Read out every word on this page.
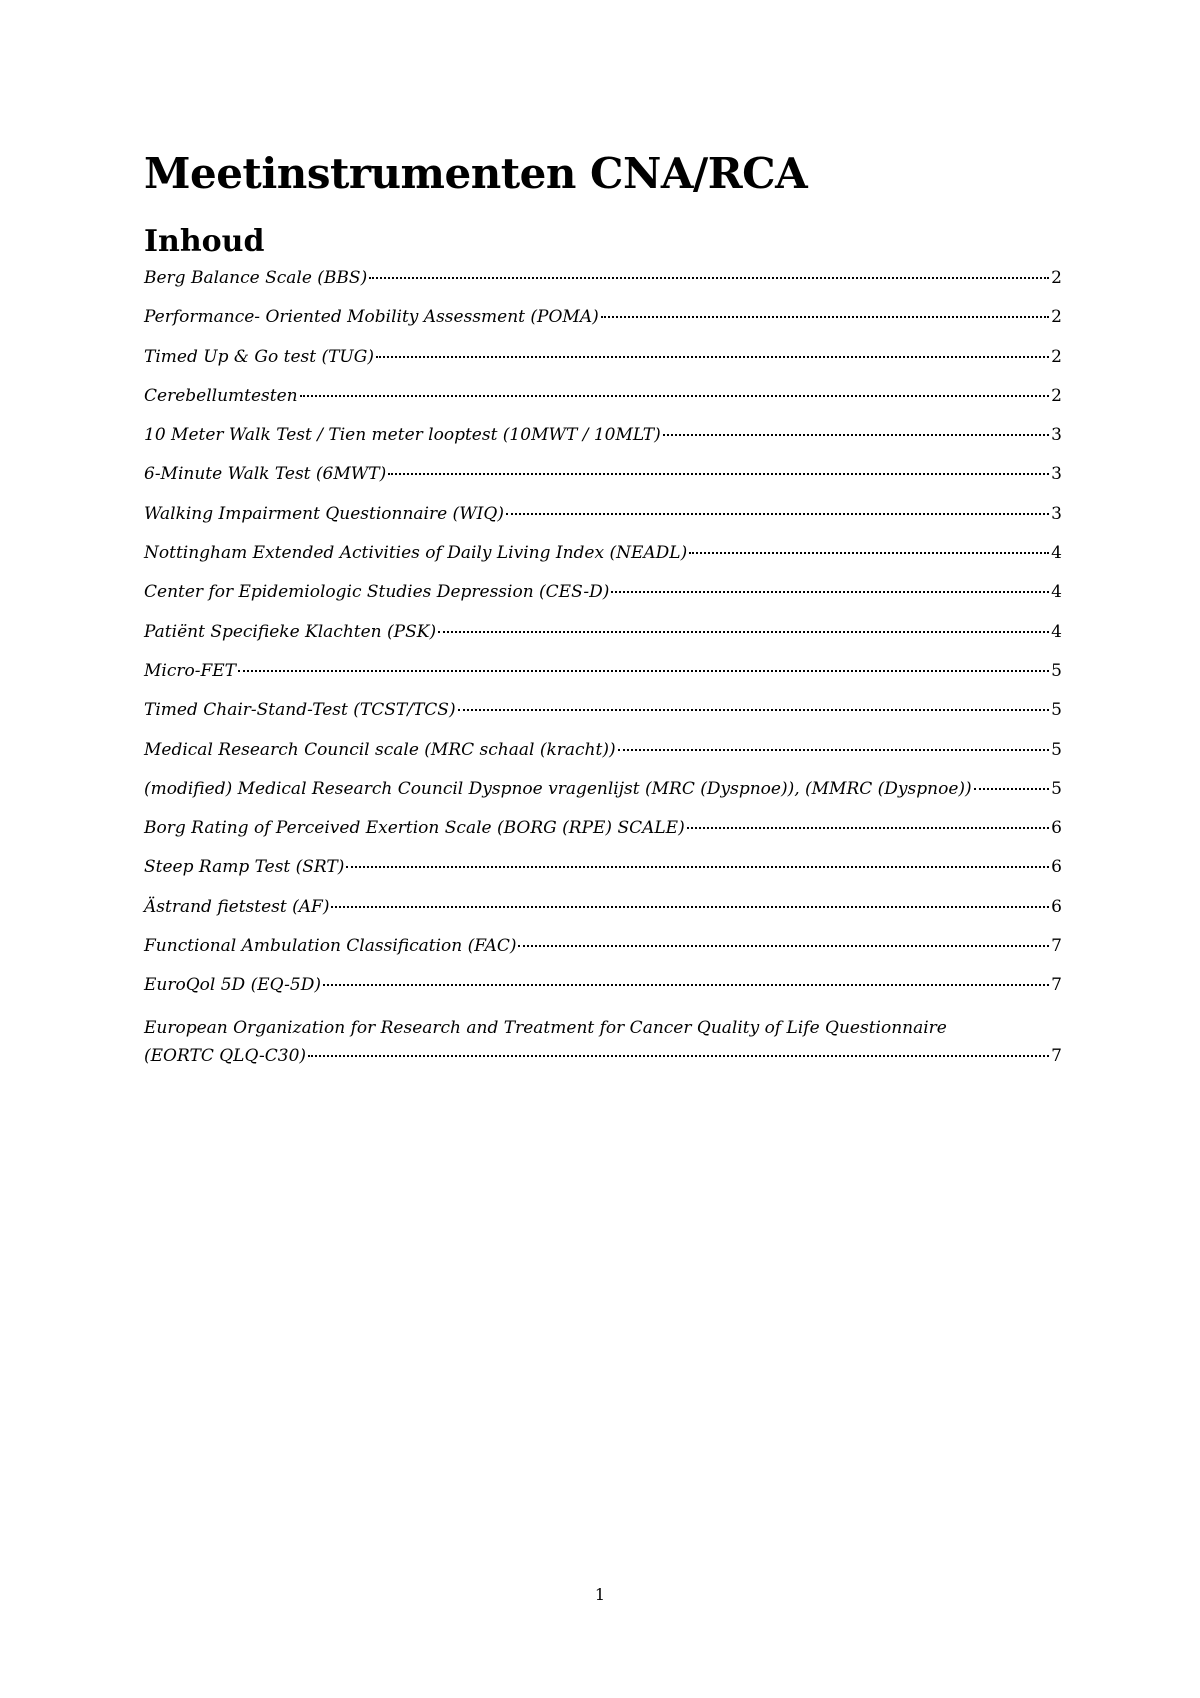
Meetinstrumenten CNA/RCA
Inhoud
Berg Balance Scale (BBS)	2
Performance- Oriented Mobility Assessment (POMA)	2
Timed Up & Go test (TUG)	2
Cerebellumtesten	2
10 Meter Walk Test / Tien meter looptest (10MWT / 10MLT)	3
6-Minute Walk Test (6MWT)	3
Walking Impairment Questionnaire (WIQ)	3
Nottingham Extended Activities of Daily Living Index (NEADL)	4
Center for Epidemiologic Studies Depression (CES-D)	4
Patiënt Specifieke Klachten (PSK)	4
Micro-FET	5
Timed Chair-Stand-Test (TCST/TCS)	5
Medical Research Council scale (MRC schaal (kracht))	5
(modified) Medical Research Council Dyspnoe vragenlijst (MRC (Dyspnoe)), (MMRC (Dyspnoe))	5
Borg Rating of Perceived Exertion Scale (BORG (RPE) SCALE)	6
Steep Ramp Test (SRT)	6
Ästrand fietstest (AF)	6
Functional Ambulation Classification (FAC)	7
EuroQol 5D (EQ-5D)	7
European Organization for Research and Treatment for Cancer Quality of Life Questionnaire
(EORTC QLQ-C30)	7
1
